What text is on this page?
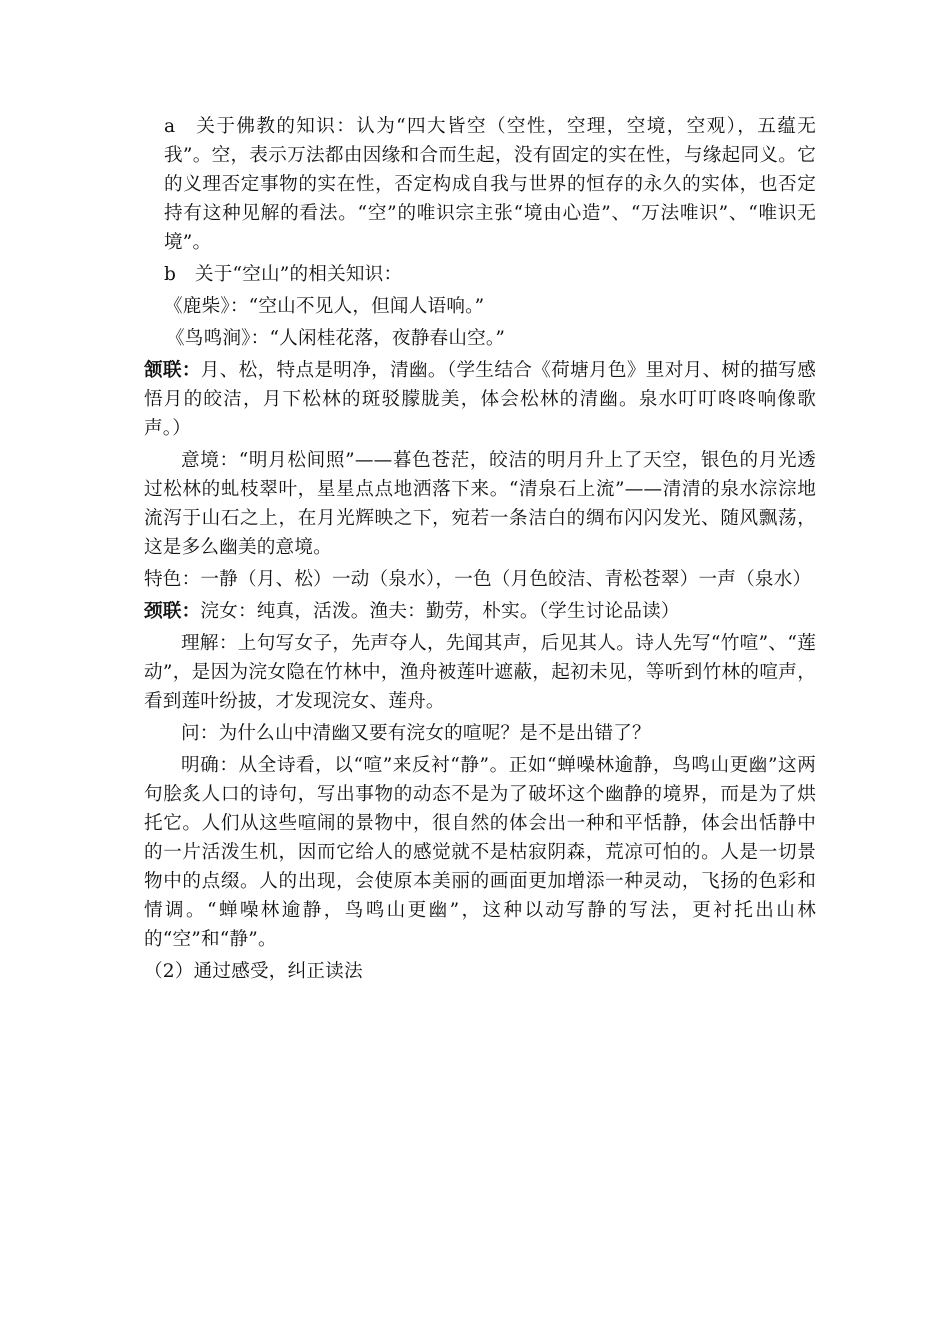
a　关于佛教的知识：认为“四大皆空（空性，空理，空境，空观），五蕴无我”。空，表示万法都由因缘和合而生起，没有固定的实在性，与缘起同义。它的义理否定事物的实在性，否定构成自我与世界的恒存的永久的实体，也否定持有这种见解的看法。“空”的唯识宗主张“境由心造”、“万法唯识”、“唯识无境”。

b　关于“空山”的相关知识：

《鹿柴》：“空山不见人，但闻人语响。”

《鸟鸣涧》：“人闲桂花落，夜静春山空。”

颔联：月、松，特点是明净，清幽。（学生结合《荷塘月色》里对月、树的描写感悟月的皎洁，月下松林的斑驳朦胧美，体会松林的清幽。泉水叮叮咚咚响像歌声。）

意境：“明月松间照”——暮色苍茫，皎洁的明月升上了天空，银色的月光透过松林的虬枝翠叶，星星点点地洒落下来。“清泉石上流”——清清的泉水淙淙地流泻于山石之上，在月光辉映之下，宛若一条洁白的绸布闪闪发光、随风飘荡，这是多么幽美的意境。

特色：一静（月、松）一动（泉水），一色（月色皎洁、青松苍翠）一声（泉水）

颈联：浣女：纯真，活泼。渔夫：勤劳，朴实。（学生讨论品读）

理解：上句写女子，先声夺人，先闻其声，后见其人。诗人先写“竹喧”、“莲动”，是因为浣女隐在竹林中，渔舟被莲叶遮蔽，起初未见，等听到竹林的喧声，看到莲叶纷披，才发现浣女、莲舟。

问：为什么山中清幽又要有浣女的喧呢？是不是出错了？

明确：从全诗看，以“喧”来反衬“静”。正如“蝉噪林逾静，鸟鸣山更幽”这两句脍炙人口的诗句，写出事物的动态不是为了破坏这个幽静的境界，而是为了烘托它。人们从这些喧闹的景物中，很自然的体会出一种和平恬静，体会出恬静中的一片活泼生机，因而它给人的感觉就不是枯寂阴森，荒凉可怕的。人是一切景物中的点缀。人的出现，会使原本美丽的画面更加增添一种灵动，飞扬的色彩和情调。“蝉噪林逾静，鸟鸣山更幽”，这种以动写静的写法，更衬托出山林的“空”和“静”。

（2）通过感受，纠正读法
